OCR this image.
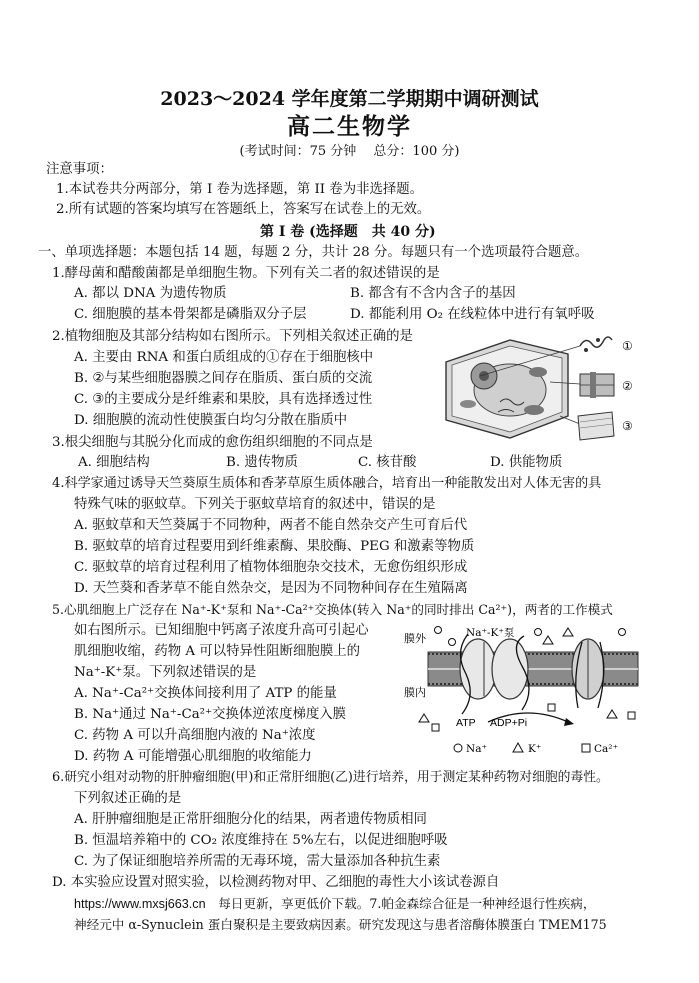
2023～2024 学年度第二学期期中调研测试
高二生物学
(考试时间：75 分钟　 总分：100 分)
注意事项：
1.本试卷共分两部分，第 I 卷为选择题，第 II 卷为非选择题。
2.所有试题的答案均填写在答题纸上，答案写在试卷上的无效。
第 I 卷 (选择题　共 40 分)
一、单项选择题：本题包括 14 题，每题 2 分，共计 28 分。每题只有一个选项最符合题意。
1.酵母菌和醋酸菌都是单细胞生物。下列有关二者的叙述错误的是
A. 都以 DNA 为遗传物质	B. 都含有不含内含子的基因
C. 细胞膜的基本骨架都是磷脂双分子层	D. 都能利用 O₂ 在线粒体中进行有氧呼吸
2.植物细胞及其部分结构如右图所示。下列相关叙述正确的是
A. 主要由 RNA 和蛋白质组成的①存在于细胞核中
B. ②与某些细胞器膜之间存在脂质、蛋白质的交流
C. ③的主要成分是纤维素和果胶，具有选择透过性
D. 细胞膜的流动性使膜蛋白均匀分散在脂质中
①
②
③
3.根尖细胞与其脱分化而成的愈伤组织细胞的不同点是
A. 细胞结构	B. 遗传物质	C. 核苷酸	D. 供能物质
4.科学家通过诱导天竺葵原生质体和香茅草原生质体融合，培育出一种能散发出对人体无害的具
特殊气味的驱蚊草。下列关于驱蚊草培育的叙述中，错误的是
A. 驱蚊草和天竺葵属于不同物种，两者不能自然杂交产生可育后代
B. 驱蚊草的培育过程要用到纤维素酶、果胶酶、PEG 和激素等物质
C. 驱蚊草的培育过程利用了植物体细胞杂交技术，无愈伤组织形成
D. 天竺葵和香茅草不能自然杂交，是因为不同物种间存在生殖隔离
5.心肌细胞上广泛存在 Na⁺-K⁺泵和 Na⁺-Ca²⁺交换体(转入 Na⁺的同时排出 Ca²⁺)，两者的工作模式
如右图所示。已知细胞中钙离子浓度升高可引起心
肌细胞收缩，药物 A 可以特异性阻断细胞膜上的
Na⁺-K⁺泵。下列叙述错误的是
A. Na⁺-Ca²⁺交换体间接利用了 ATP 的能量
B. Na⁺通过 Na⁺-Ca²⁺交换体逆浓度梯度入膜
C. 药物 A 可以升高细胞内液的 Na⁺浓度
D. 药物 A 可能增强心肌细胞的收缩能力
膜外
膜内
Na⁺-K⁺泵
ATP ADP+Pi
Na⁺	K⁺	Ca²⁺
6.研究小组对动物的肝肿瘤细胞(甲)和正常肝细胞(乙)进行培养，用于测定某种药物对细胞的毒性。
下列叙述正确的是
A. 肝肿瘤细胞是正常肝细胞分化的结果，两者遗传物质相同
B. 恒温培养箱中的 CO₂ 浓度维持在 5%左右，以促进细胞呼吸
C. 为了保证细胞培养所需的无毒环境，需大量添加各种抗生素
D. 本实验应设置对照实验，以检测药物对甲、乙细胞的毒性大小该试卷源自
https://www.mxsj663.cn　每日更新，享更低价下载。7.帕金森综合征是一种神经退行性疾病，
神经元中 α-Synuclein 蛋白聚积是主要致病因素。研究发现这与患者溶酶体膜蛋白 TMEM175
